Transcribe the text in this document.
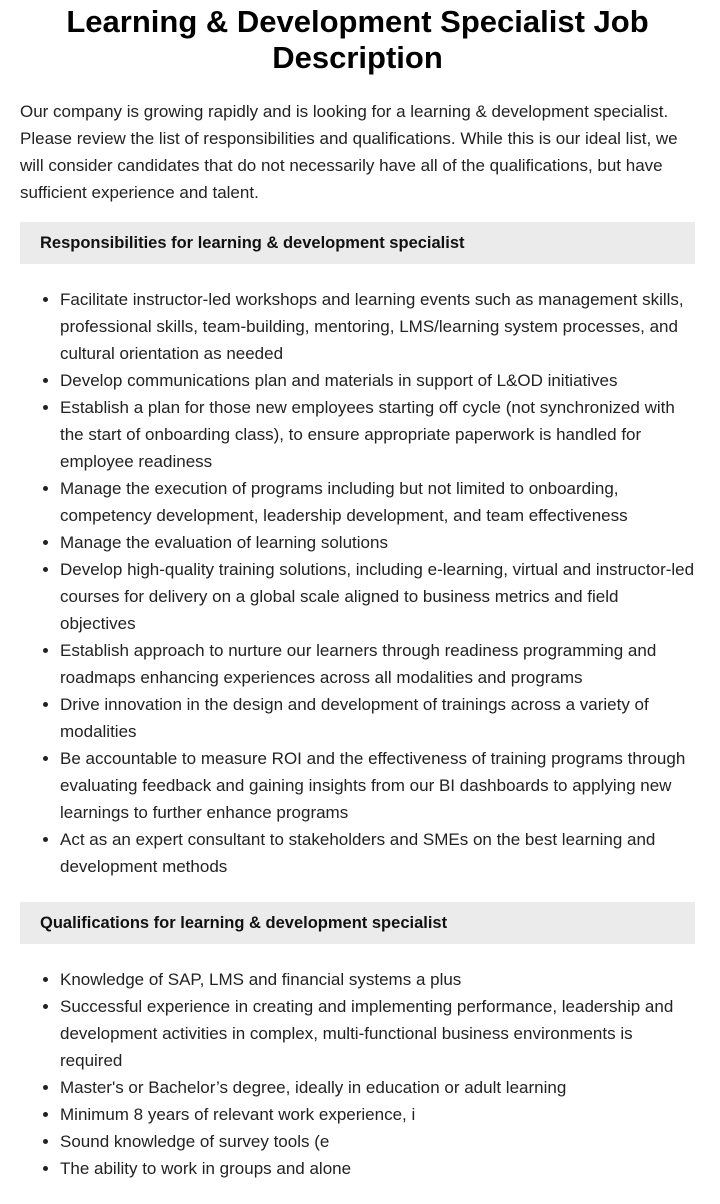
Learning & Development Specialist Job Description

Our company is growing rapidly and is looking for a learning & development specialist. Please review the list of responsibilities and qualifications. While this is our ideal list, we will consider candidates that do not necessarily have all of the qualifications, but have sufficient experience and talent.

Responsibilities for learning & development specialist
• Facilitate instructor-led workshops and learning events such as management skills, professional skills, team-building, mentoring, LMS/learning system processes, and cultural orientation as needed
• Develop communications plan and materials in support of L&OD initiatives
• Establish a plan for those new employees starting off cycle (not synchronized with the start of onboarding class), to ensure appropriate paperwork is handled for employee readiness
• Manage the execution of programs including but not limited to onboarding, competency development, leadership development, and team effectiveness
• Manage the evaluation of learning solutions
• Develop high-quality training solutions, including e-learning, virtual and instructor-led courses for delivery on a global scale aligned to business metrics and field objectives
• Establish approach to nurture our learners through readiness programming and roadmaps enhancing experiences across all modalities and programs
• Drive innovation in the design and development of trainings across a variety of modalities
• Be accountable to measure ROI and the effectiveness of training programs through evaluating feedback and gaining insights from our BI dashboards to applying new learnings to further enhance programs
• Act as an expert consultant to stakeholders and SMEs on the best learning and development methods
Qualifications for learning & development specialist
• Knowledge of SAP, LMS and financial systems a plus
• Successful experience in creating and implementing performance, leadership and development activities in complex, multi-functional business environments is required
• Master's or Bachelor’s degree, ideally in education or adult learning
• Minimum 8 years of relevant work experience, i
• Sound knowledge of survey tools (e
• The ability to work in groups and alone
